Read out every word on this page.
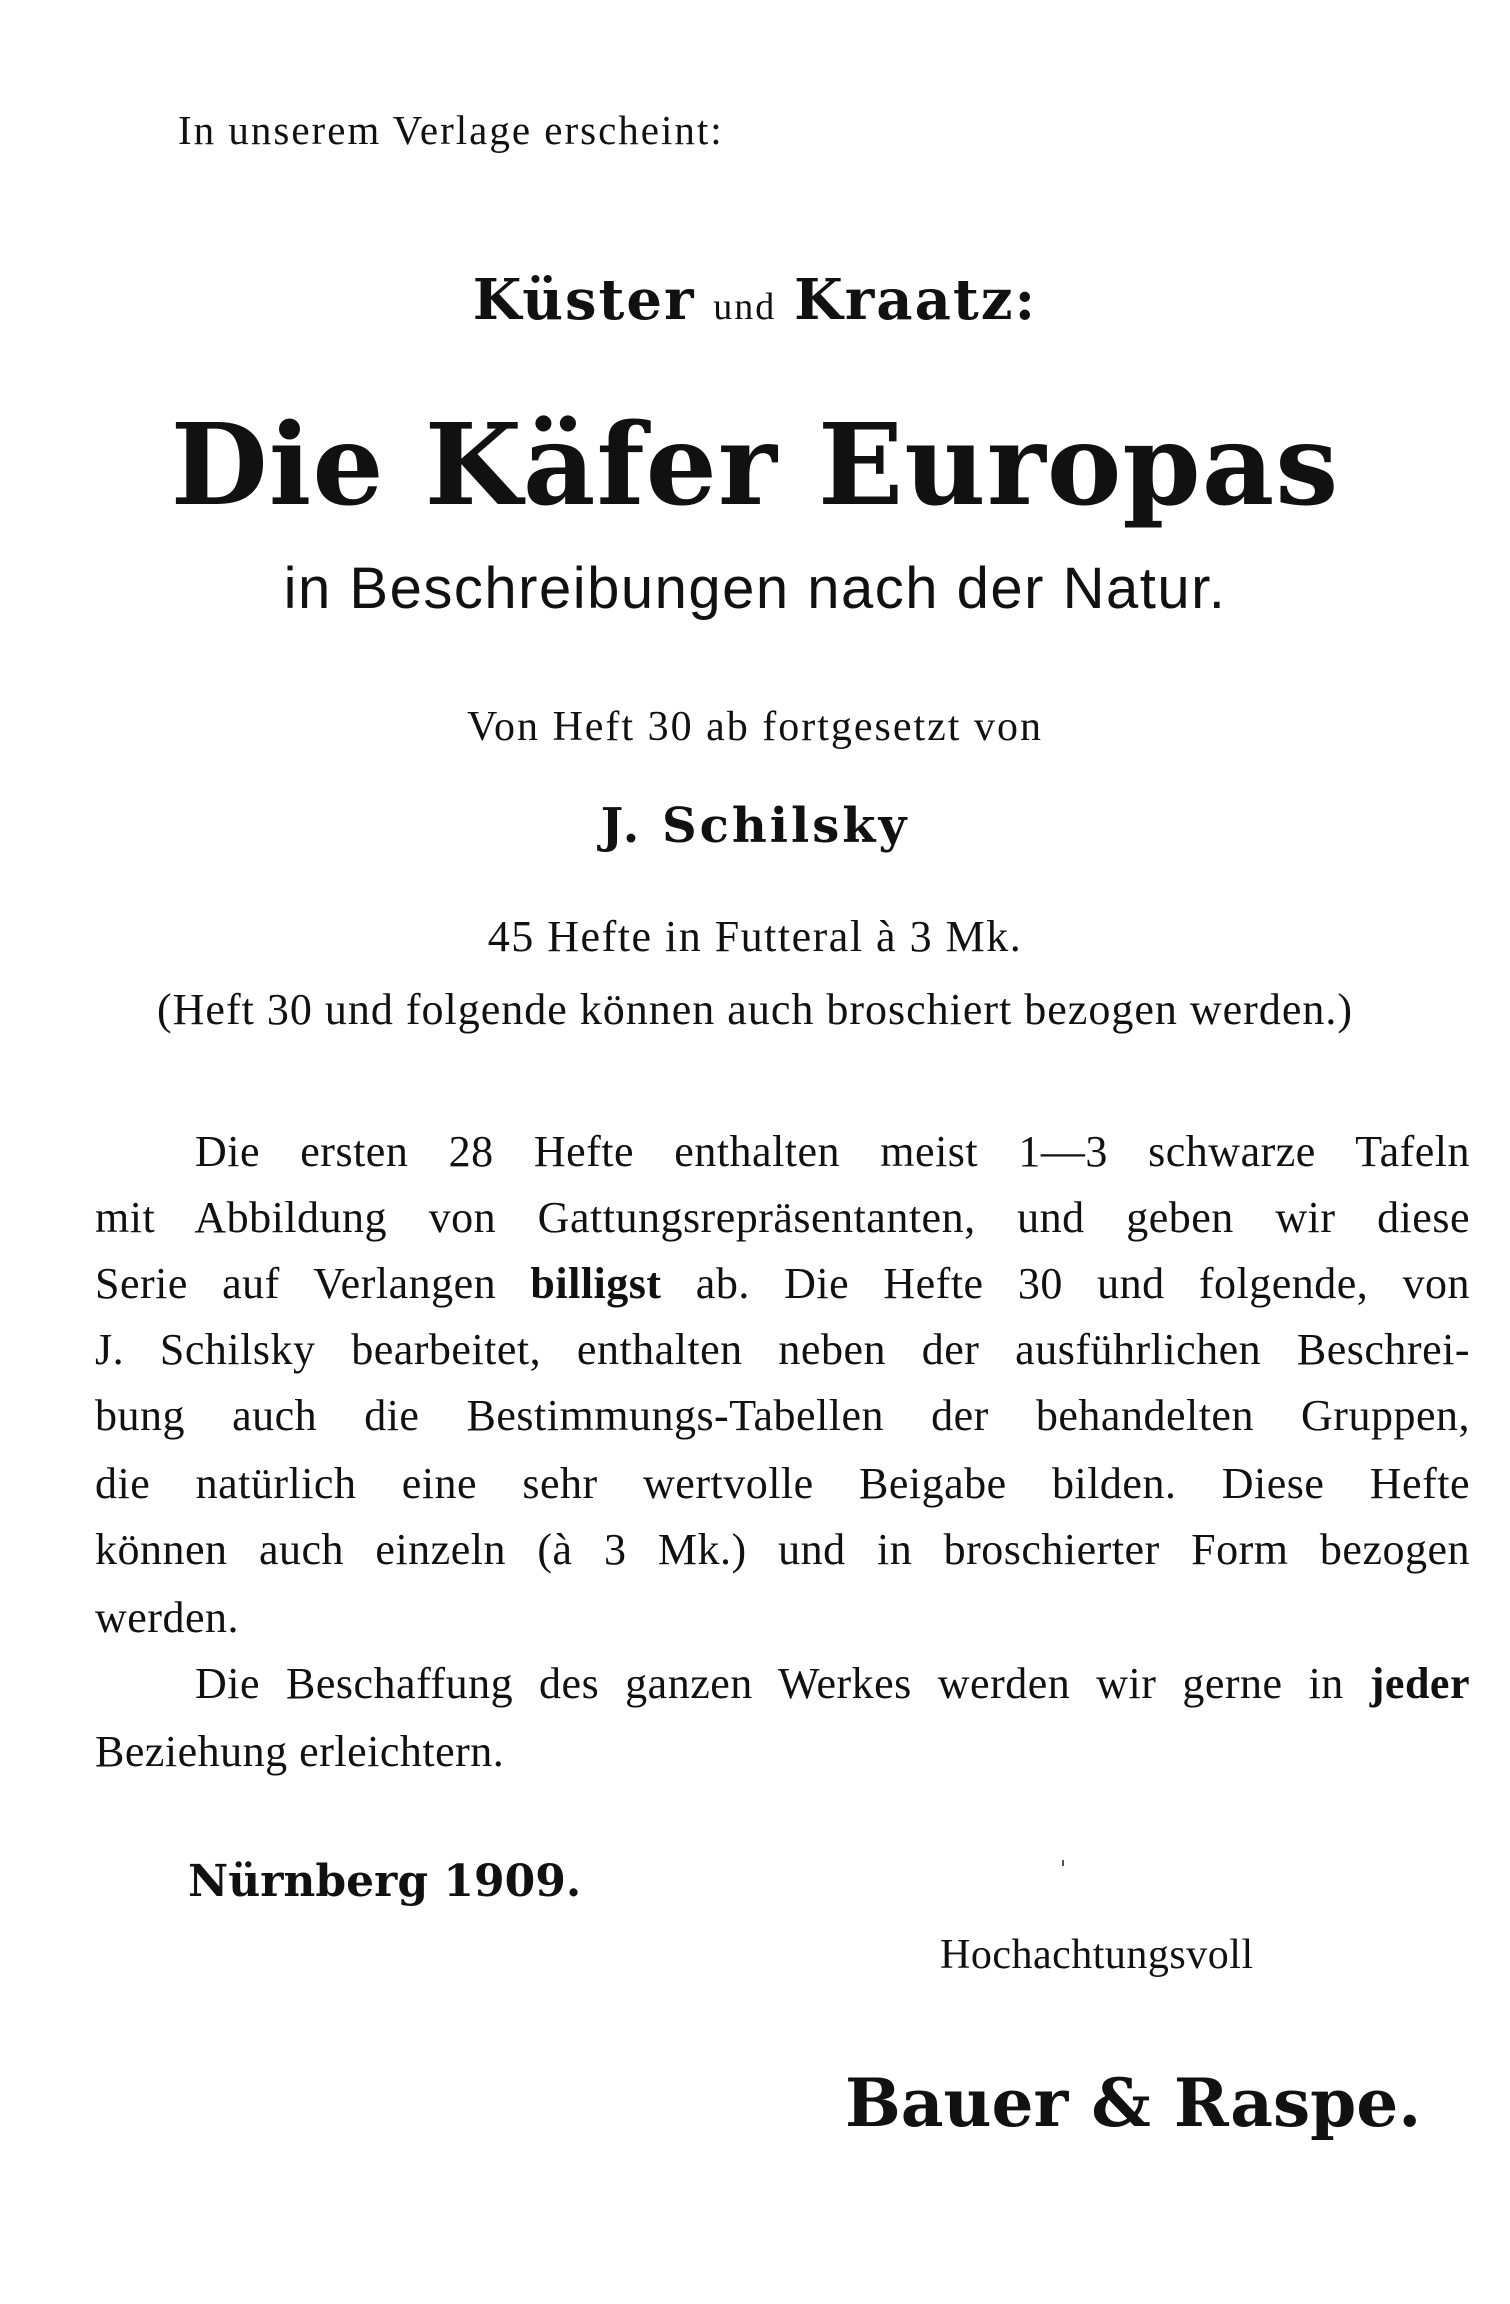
In unserem Verlage erscheint:

Küster und Kraatz:

Die Käfer Europas

in Beschreibungen nach der Natur.

Von Heft 30 ab fortgesetzt von

J. Schilsky

45 Hefte in Futteral à 3 Mk.

(Heft 30 und folgende können auch broschiert bezogen werden.)

Die ersten 28 Hefte enthalten meist 1—3 schwarze Tafeln
mit Abbildung von Gattungsrepräsentanten, und geben wir diese
Serie auf Verlangen billigst ab. Die Hefte 30 und folgende, von
J. Schilsky bearbeitet, enthalten neben der ausführlichen Beschrei-
bung auch die Bestimmungs-Tabellen der behandelten Gruppen,
die natürlich eine sehr wertvolle Beigabe bilden. Diese Hefte
können auch einzeln (à 3 Mk.) und in broschierter Form bezogen
werden.
Die Beschaffung des ganzen Werkes werden wir gerne in jeder
Beziehung erleichtern.

Nürnberg 1909.

Hochachtungsvoll

Bauer & Raspe.
